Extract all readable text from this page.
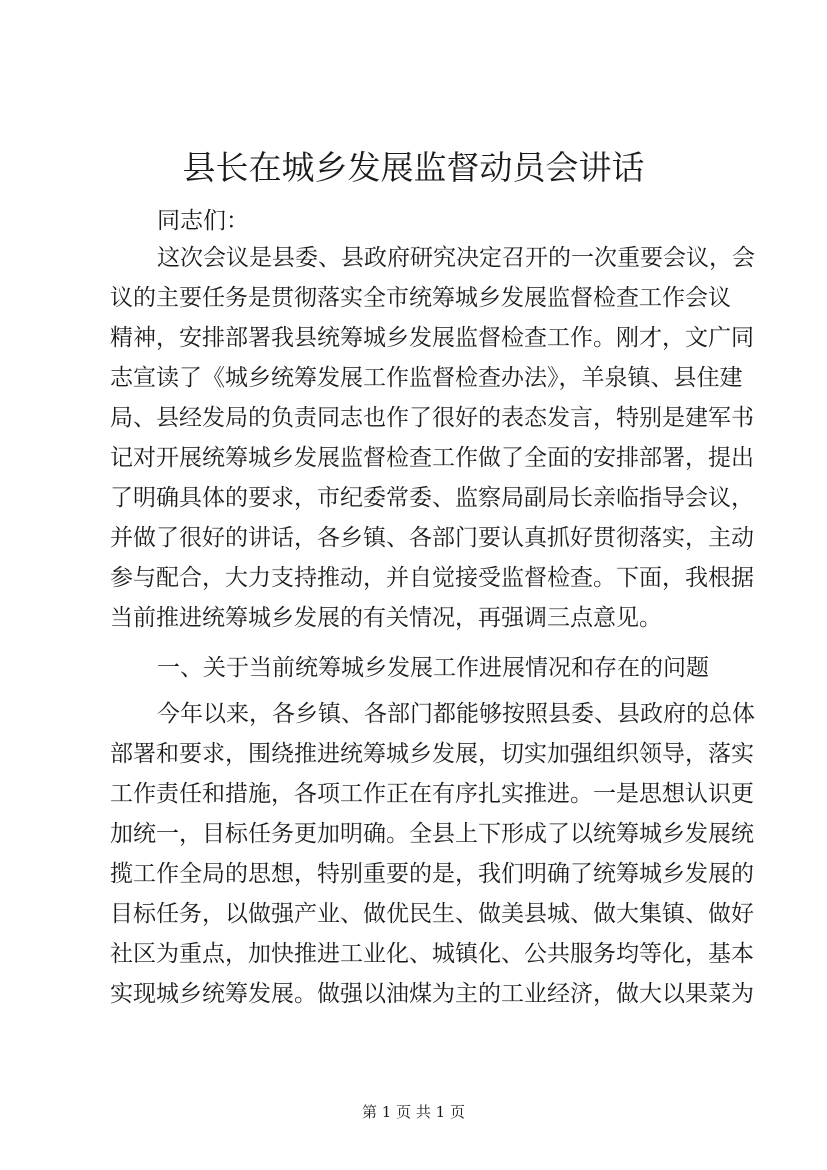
县长在城乡发展监督动员会讲话

同志们：

这次会议是县委、县政府研究决定召开的一次重要会议，会

议的主要任务是贯彻落实全市统筹城乡发展监督检查工作会议

精神，安排部署我县统筹城乡发展监督检查工作。刚才，文广同

志宣读了《城乡统筹发展工作监督检查办法》，羊泉镇、县住建

局、县经发局的负责同志也作了很好的表态发言，特别是建军书

记对开展统筹城乡发展监督检查工作做了全面的安排部署，提出

了明确具体的要求，市纪委常委、监察局副局长亲临指导会议，

并做了很好的讲话，各乡镇、各部门要认真抓好贯彻落实，主动

参与配合，大力支持推动，并自觉接受监督检查。下面，我根据

当前推进统筹城乡发展的有关情况，再强调三点意见。

一、关于当前统筹城乡发展工作进展情况和存在的问题

今年以来，各乡镇、各部门都能够按照县委、县政府的总体

部署和要求，围绕推进统筹城乡发展，切实加强组织领导，落实

工作责任和措施，各项工作正在有序扎实推进。一是思想认识更

加统一，目标任务更加明确。全县上下形成了以统筹城乡发展统

揽工作全局的思想，特别重要的是，我们明确了统筹城乡发展的

目标任务，以做强产业、做优民生、做美县城、做大集镇、做好

社区为重点，加快推进工业化、城镇化、公共服务均等化，基本

实现城乡统筹发展。做强以油煤为主的工业经济，做大以果菜为

第 1 页 共 1 页
